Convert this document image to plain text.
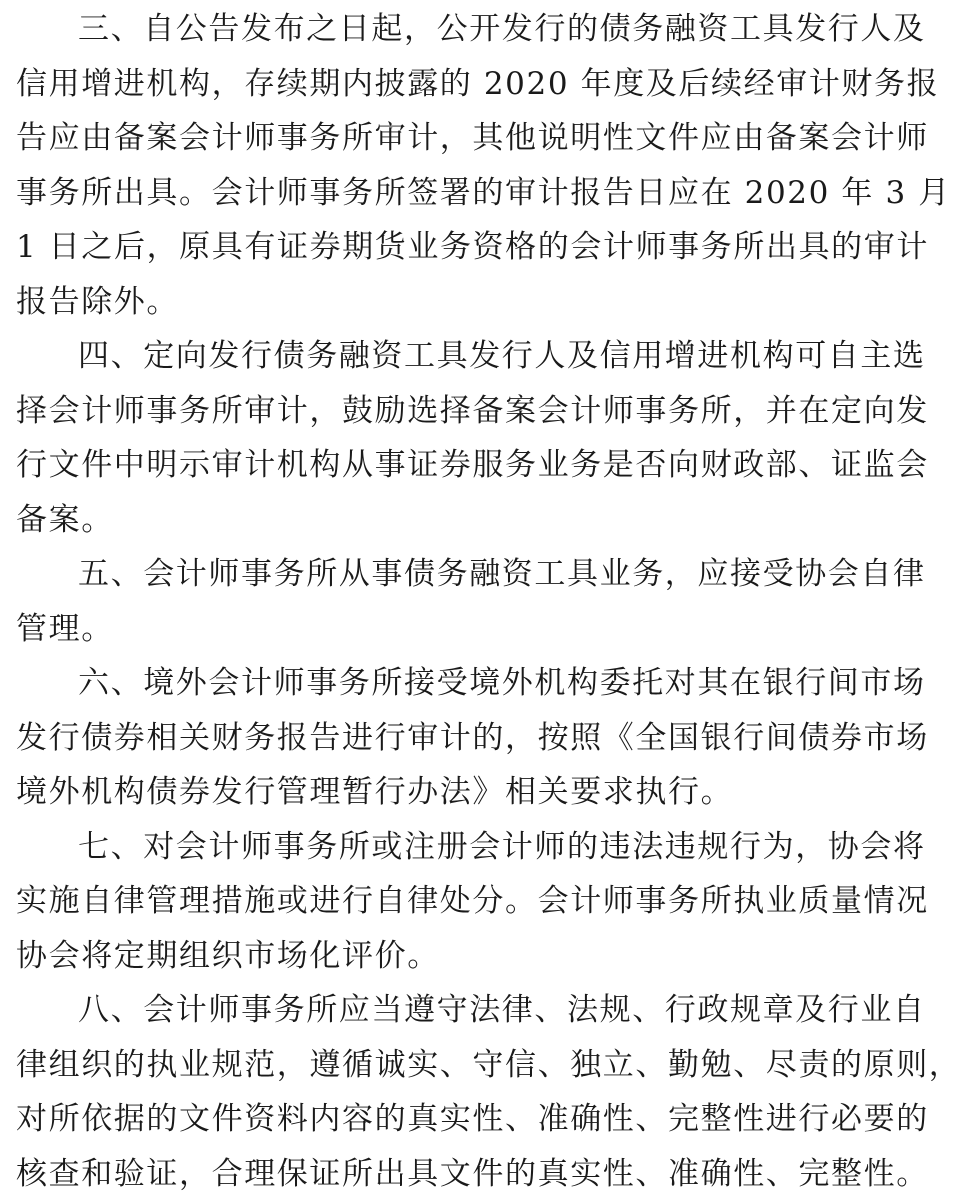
三、自公告发布之日起，公开发行的债务融资工具发行人及
信用增进机构，存续期内披露的 2020 年度及后续经审计财务报
告应由备案会计师事务所审计，其他说明性文件应由备案会计师
事务所出具。会计师事务所签署的审计报告日应在 2020 年 3 月
1 日之后，原具有证券期货业务资格的会计师事务所出具的审计
报告除外。
四、定向发行债务融资工具发行人及信用增进机构可自主选
择会计师事务所审计，鼓励选择备案会计师事务所，并在定向发
行文件中明示审计机构从事证券服务业务是否向财政部、证监会
备案。
五、会计师事务所从事债务融资工具业务，应接受协会自律
管理。
六、境外会计师事务所接受境外机构委托对其在银行间市场
发行债券相关财务报告进行审计的，按照《全国银行间债券市场
境外机构债券发行管理暂行办法》相关要求执行。
七、对会计师事务所或注册会计师的违法违规行为，协会将
实施自律管理措施或进行自律处分。会计师事务所执业质量情况
协会将定期组织市场化评价。
八、会计师事务所应当遵守法律、法规、行政规章及行业自
律组织的执业规范，遵循诚实、守信、独立、勤勉、尽责的原则，
对所依据的文件资料内容的真实性、准确性、完整性进行必要的
核查和验证，合理保证所出具文件的真实性、准确性、完整性。
